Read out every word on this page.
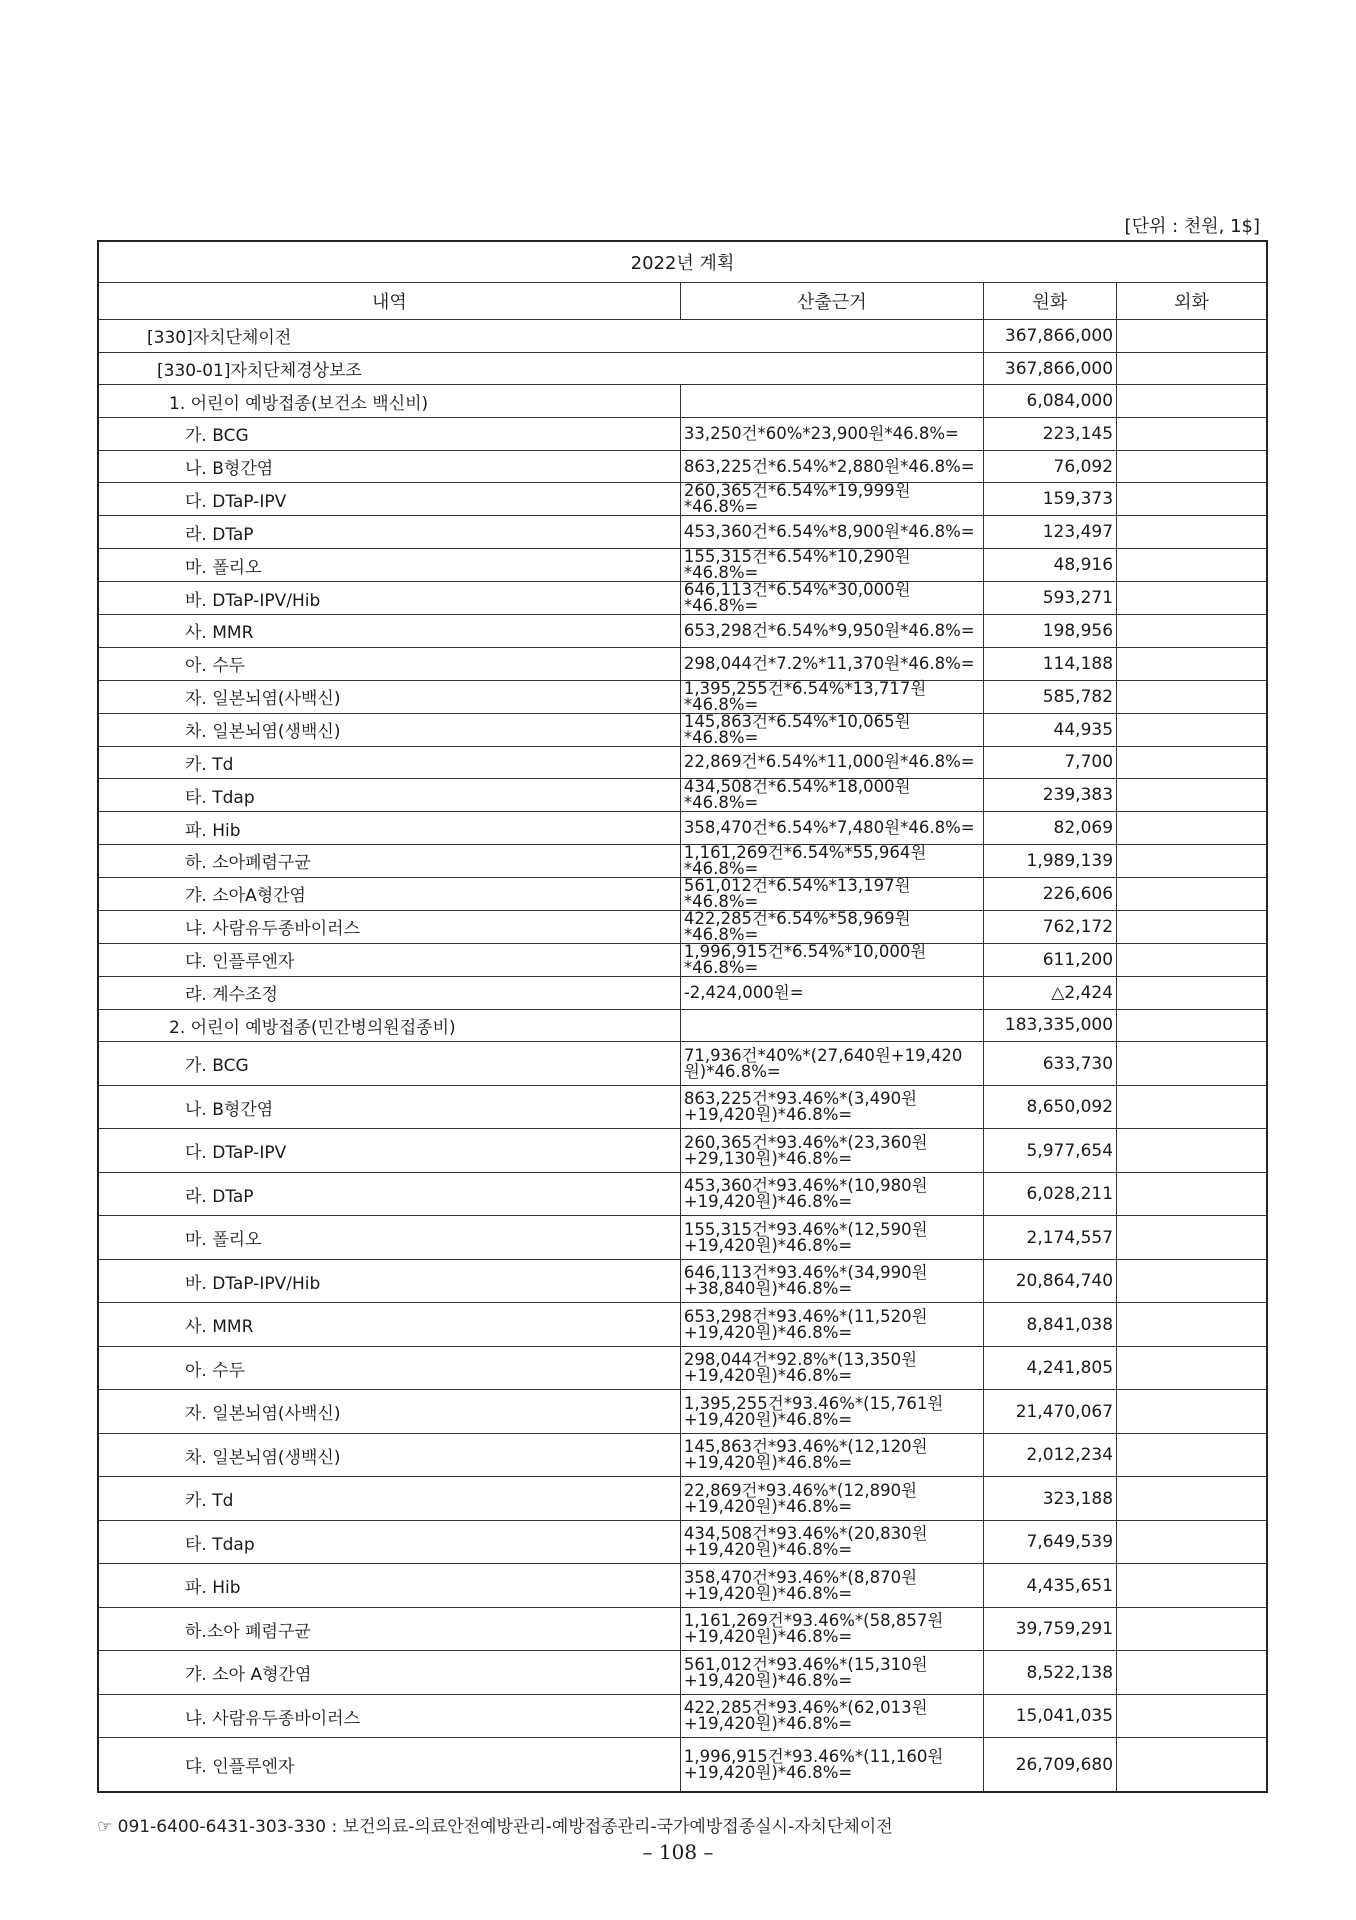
[단위 : 천원, 1$]
2022년 계획			
내역	산출근거	원화	외화
[330]자치단체이전		367,866,000	
[330-01]자치단체경상보조		367,866,000	
1. 어린이 예방접종(보건소 백신비)		6,084,000	
가. BCG	33,250건*60%*23,900원*46.8%=	223,145	
나. B형간염	863,225건*6.54%*2,880원*46.8%=	76,092	
다. DTaP-IPV	260,365건*6.54%*19,999원*46.8%=	159,373	
라. DTaP	453,360건*6.54%*8,900원*46.8%=	123,497	
마. 폴리오	155,315건*6.54%*10,290원*46.8%=	48,916	
바. DTaP-IPV/Hib	646,113건*6.54%*30,000원*46.8%=	593,271	
사. MMR	653,298건*6.54%*9,950원*46.8%=	198,956	
아. 수두	298,044건*7.2%*11,370원*46.8%=	114,188	
자. 일본뇌염(사백신)	1,395,255건*6.54%*13,717원*46.8%=	585,782	
차. 일본뇌염(생백신)	145,863건*6.54%*10,065원*46.8%=	44,935	
카. Td	22,869건*6.54%*11,000원*46.8%=	7,700	
타. Tdap	434,508건*6.54%*18,000원*46.8%=	239,383	
파. Hib	358,470건*6.54%*7,480원*46.8%=	82,069	
하. 소아폐렴구균	1,161,269건*6.54%*55,964원*46.8%=	1,989,139	
갸. 소아A형간염	561,012건*6.54%*13,197원*46.8%=	226,606	
냐. 사람유두종바이러스	422,285건*6.54%*58,969원*46.8%=	762,172	
댜. 인플루엔자	1,996,915건*6.54%*10,000원*46.8%=	611,200	
랴. 계수조정	-2,424,000원=	△2,424	
2. 어린이 예방접종(민간병의원접종비)		183,335,000	
가. BCG	71,936건*40%*(27,640원+19,420원)*46.8%=	633,730	
나. B형간염	863,225건*93.46%*(3,490원+19,420원)*46.8%=	8,650,092	
다. DTaP-IPV	260,365건*93.46%*(23,360원+29,130원)*46.8%=	5,977,654	
라. DTaP	453,360건*93.46%*(10,980원+19,420원)*46.8%=	6,028,211	
마. 폴리오	155,315건*93.46%*(12,590원+19,420원)*46.8%=	2,174,557	
바. DTaP-IPV/Hib	646,113건*93.46%*(34,990원+38,840원)*46.8%=	20,864,740	
사. MMR	653,298건*93.46%*(11,520원+19,420원)*46.8%=	8,841,038	
아. 수두	298,044건*92.8%*(13,350원+19,420원)*46.8%=	4,241,805	
자. 일본뇌염(사백신)	1,395,255건*93.46%*(15,761원+19,420원)*46.8%=	21,470,067	
차. 일본뇌염(생백신)	145,863건*93.46%*(12,120원+19,420원)*46.8%=	2,012,234	
카. Td	22,869건*93.46%*(12,890원+19,420원)*46.8%=	323,188	
타. Tdap	434,508건*93.46%*(20,830원+19,420원)*46.8%=	7,649,539	
파. Hib	358,470건*93.46%*(8,870원+19,420원)*46.8%=	4,435,651	
하.소아 폐렴구균	1,161,269건*93.46%*(58,857원+19,420원)*46.8%=	39,759,291	
갸. 소아 A형간염	561,012건*93.46%*(15,310원+19,420원)*46.8%=	8,522,138	
냐. 사람유두종바이러스	422,285건*93.46%*(62,013원+19,420원)*46.8%=	15,041,035	
댜. 인플루엔자	1,996,915건*93.46%*(11,160원+19,420원)*46.8%=	26,709,680	
☞ 091-6400-6431-303-330 : 보건의료-의료안전예방관리-예방접종관리-국가예방접종실시-자치단체이전
– 108 –
